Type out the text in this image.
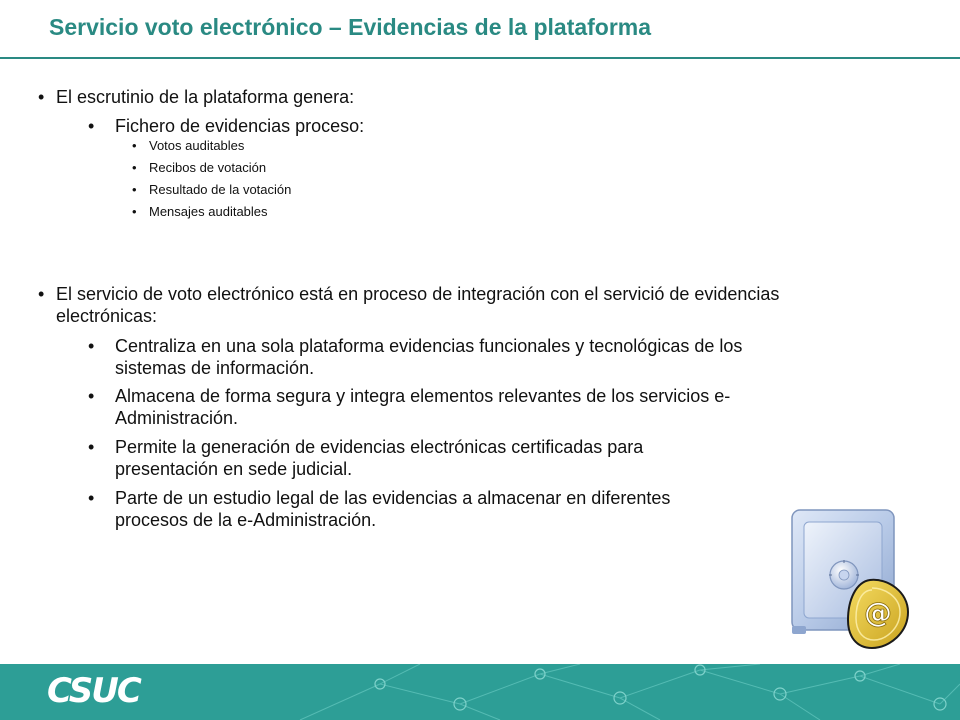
Servicio voto electrónico – Evidencias de la plataforma

• El escrutinio de la plataforma genera:

• Fichero de evidencias proceso:

• Votos auditables

• Recibos de votación

• Resultado de la votación

• Mensajes auditables

• El servicio de voto electrónico está en proceso de integración con el servició de evidencias
electrónicas:

• Centraliza en una sola plataforma evidencias funcionales y tecnológicas de los
sistemas de información.

• Almacena de forma segura y integra elementos relevantes de los servicios e-
Administración.

• Permite la generación de evidencias electrónicas certificadas para
presentación en sede judicial.

• Parte de un estudio legal de las evidencias a almacenar en diferentes
procesos de la e-Administración.

@
CSUC
